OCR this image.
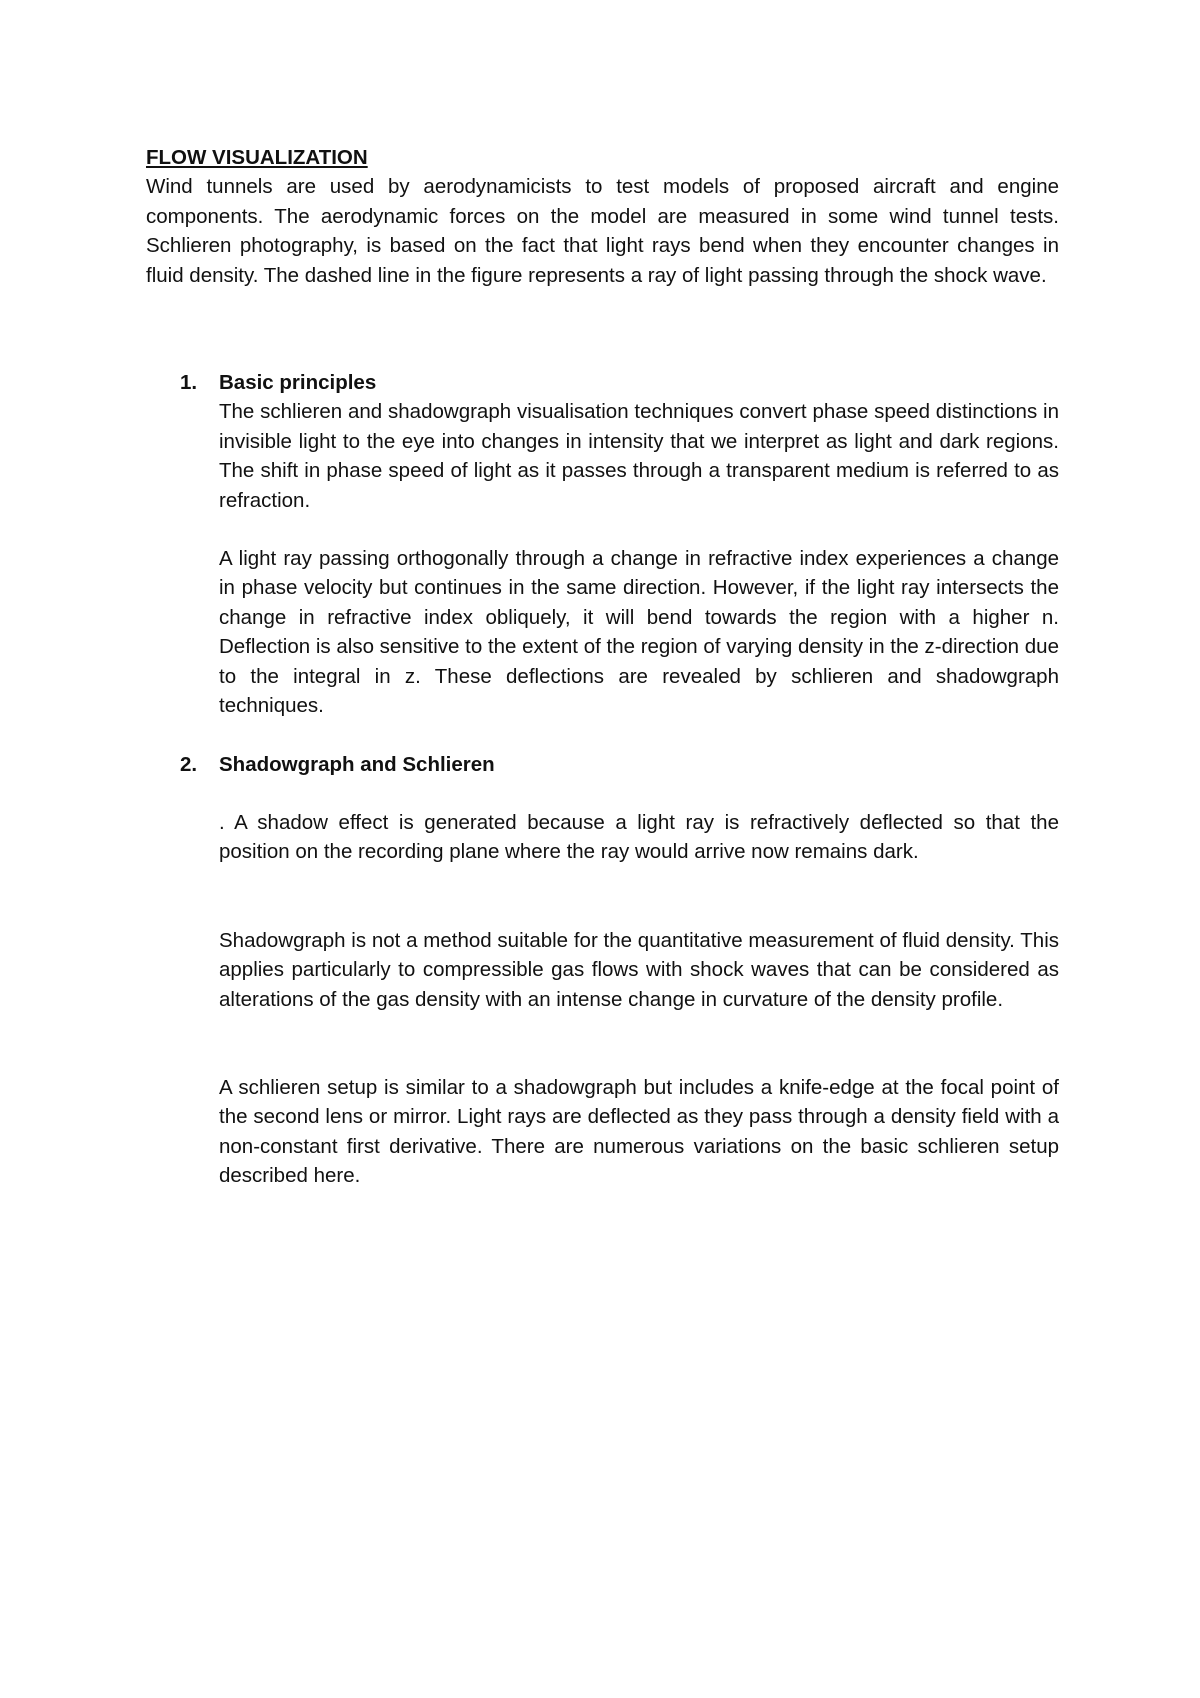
FLOW VISUALIZATION

Wind tunnels are used by aerodynamicists to test models of proposed aircraft and engine components. The aerodynamic forces on the model are measured in some wind tunnel tests. Schlieren photography, is based on the fact that light rays bend when they encounter changes in fluid density. The dashed line in the figure represents a ray of light passing through the shock wave.

1. Basic principles

The schlieren and shadowgraph visualisation techniques convert phase speed distinctions in invisible light to the eye into changes in intensity that we interpret as light and dark regions. The shift in phase speed of light as it passes through a transparent medium is referred to as refraction.

A light ray passing orthogonally through a change in refractive index experiences a change in phase velocity but continues in the same direction. However, if the light ray intersects the change in refractive index obliquely, it will bend towards the region with a higher n. Deflection is also sensitive to the extent of the region of varying density in the z-direction due to the integral in z. These deflections are revealed by schlieren and shadowgraph techniques.

2. Shadowgraph and Schlieren

. A shadow effect is generated because a light ray is refractively deflected so that the position on the recording plane where the ray would arrive now remains dark.

Shadowgraph is not a method suitable for the quantitative measurement of fluid density. This applies particularly to compressible gas flows with shock waves that can be considered as alterations of the gas density with an intense change in curvature of the density profile.

A schlieren setup is similar to a shadowgraph but includes a knife-edge at the focal point of the second lens or mirror. Light rays are deflected as they pass through a density field with a non-constant first derivative. There are numerous variations on the basic schlieren setup described here.
